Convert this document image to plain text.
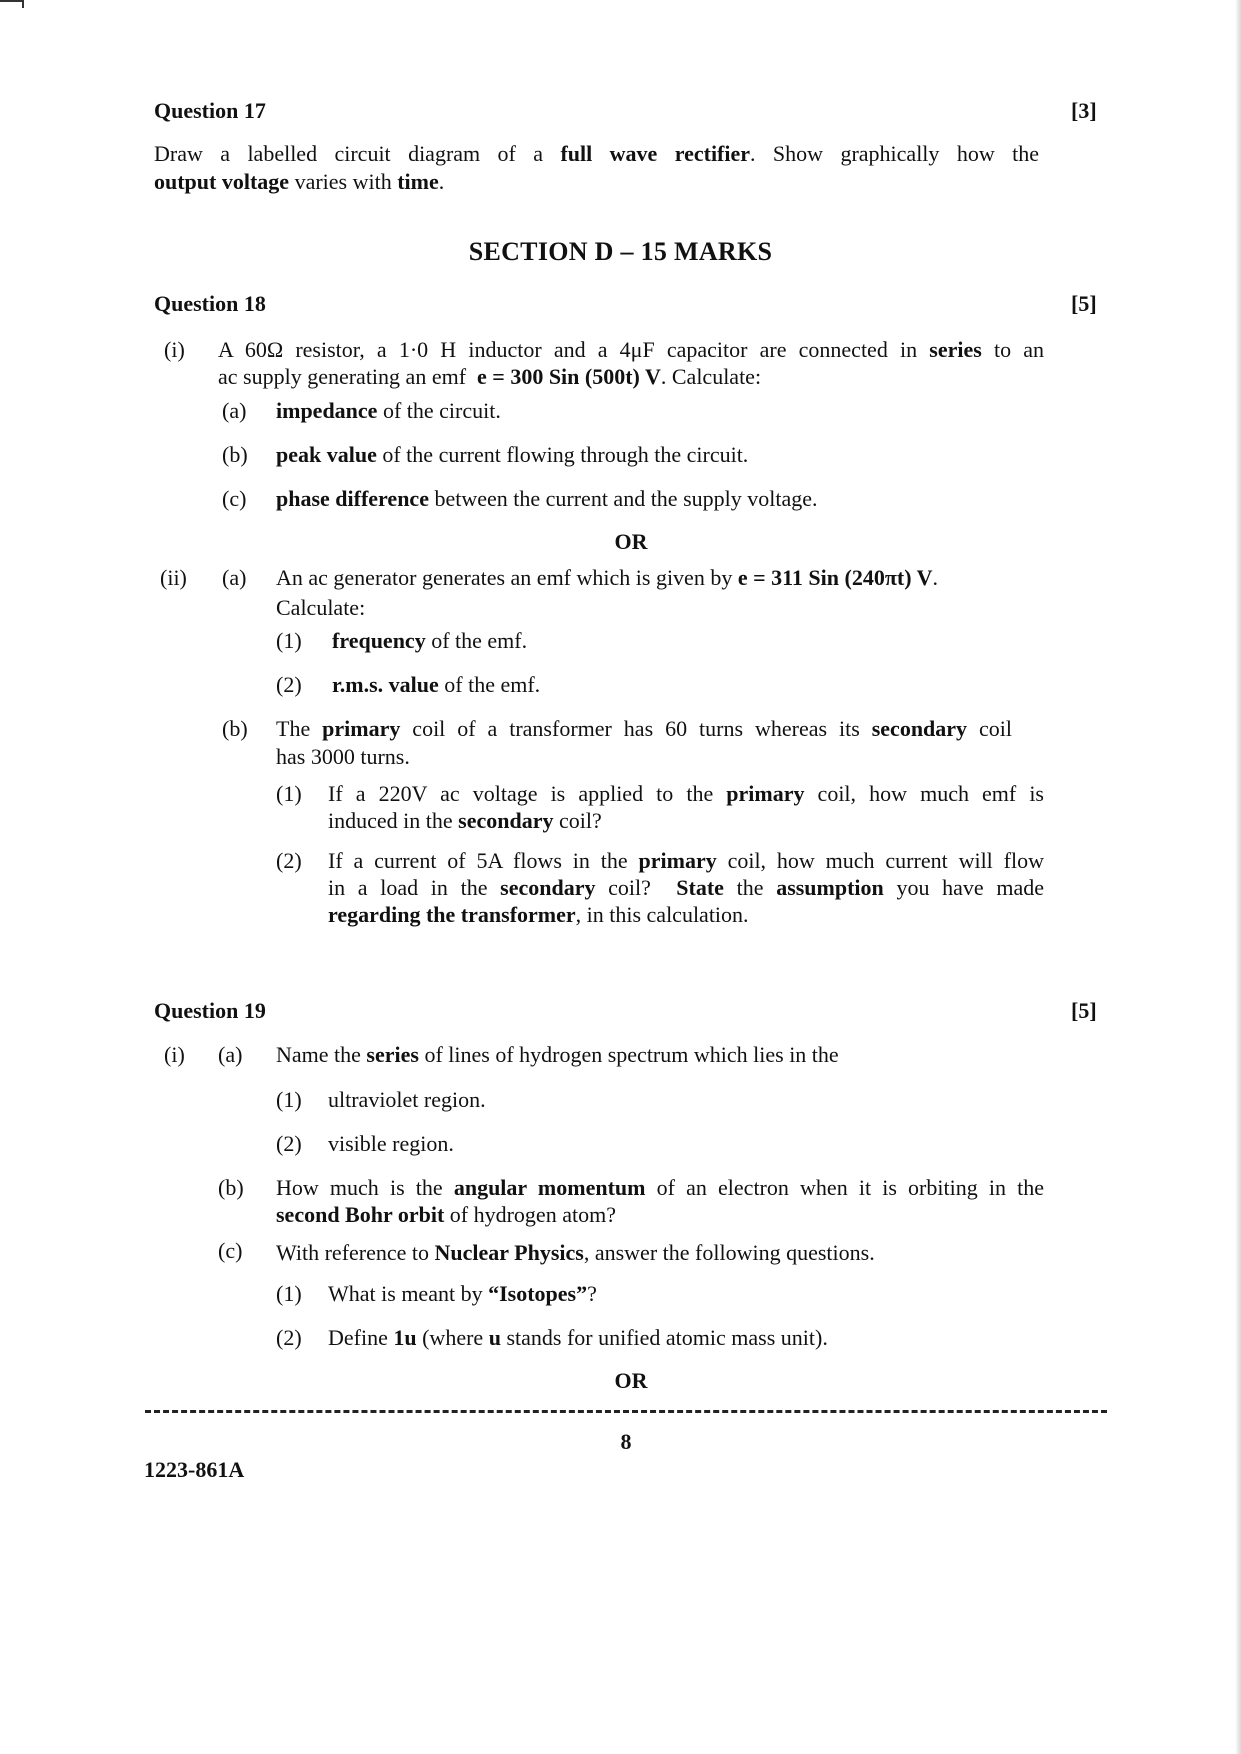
Question 17	[3]
Draw a labelled circuit diagram of a full wave rectifier. Show graphically how the
output voltage varies with time.
SECTION D – 15 MARKS
Question 18	[5]
(i) A 60Ω resistor, a 1·0 H inductor and a 4μF capacitor are connected in series to an
ac supply generating an emf  e = 300 Sin (500t) V. Calculate:
(a) impedance of the circuit.
(b) peak value of the current flowing through the circuit.
(c) phase difference between the current and the supply voltage.
OR
(ii) (a) An ac generator generates an emf which is given by e = 311 Sin (240πt) V.
Calculate:
(1) frequency of the emf.
(2) r.m.s. value of the emf.
(b) The primary coil of a transformer has 60 turns whereas its secondary coil
has 3000 turns.
(1) If a 220V ac voltage is applied to the primary coil, how much emf is
induced in the secondary coil?
(2) If a current of 5A flows in the primary coil, how much current will flow
in a load in the secondary coil?  State the assumption you have made
regarding the transformer, in this calculation.
Question 19	[5]
(i) (a) Name the series of lines of hydrogen spectrum which lies in the
(1) ultraviolet region.
(2) visible region.
(b) How much is the angular momentum of an electron when it is orbiting in the
second Bohr orbit of hydrogen atom?
(c) With reference to Nuclear Physics, answer the following questions.
(1) What is meant by “Isotopes”?
(2) Define 1u (where u stands for unified atomic mass unit).
OR
8
1223-861A
